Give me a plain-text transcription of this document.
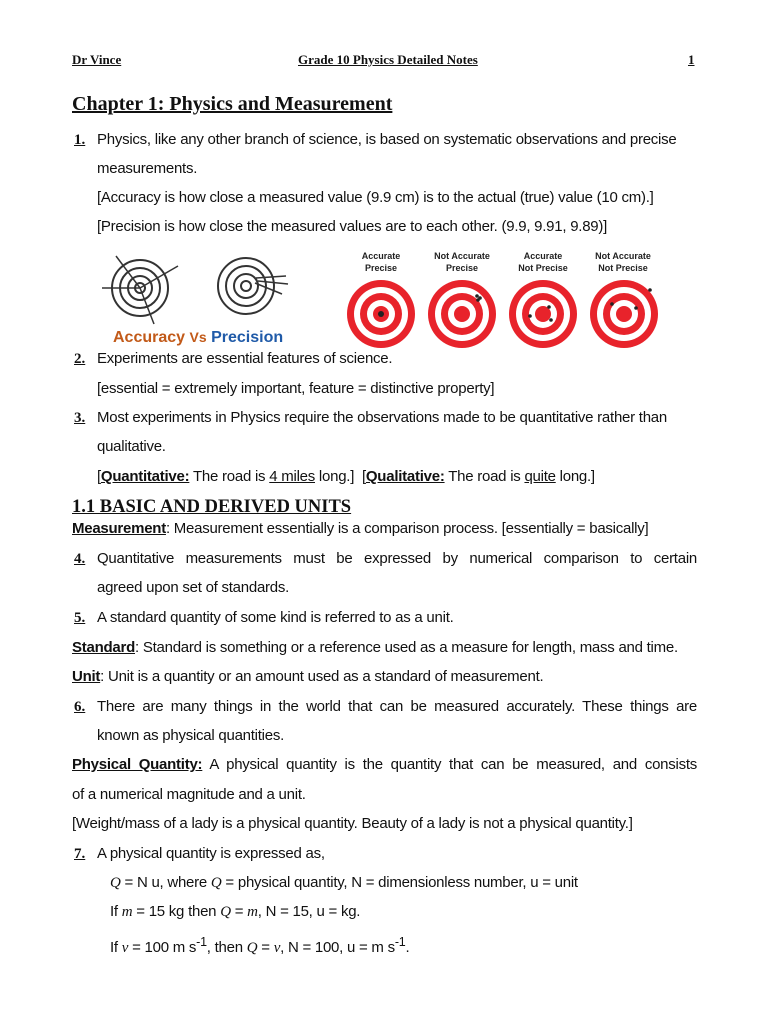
Dr Vince	Grade 10 Physics Detailed Notes	1
Chapter 1: Physics and Measurement
1. Physics, like any other branch of science, is based on systematic observations and precise
measurements.
[Accuracy is how close a measured value (9.9 cm) is to the actual (true) value (10 cm).]
[Precision is how close the measured values are to each other. (9.9, 9.91, 9.89)]
Accuracy Vs Precision
Accurate
Precise
Not Accurate
Precise
Accurate
Not Precise
Not Accurate
Not Precise
2. Experiments are essential features of science.
[essential = extremely important, feature = distinctive property]
3. Most experiments in Physics require the observations made to be quantitative rather than
qualitative.
[Quantitative: The road is 4 miles long.]  [Qualitative: The road is quite long.]
1.1 BASIC AND DERIVED UNITS
Measurement: Measurement essentially is a comparison process. [essentially = basically]
4. Quantitative measurements must be expressed by numerical comparison to certain
agreed upon set of standards.
5. A standard quantity of some kind is referred to as a unit.
Standard: Standard is something or a reference used as a measure for length, mass and time.
Unit: Unit is a quantity or an amount used as a standard of measurement.
6. There are many things in the world that can be measured accurately. These things are
known as physical quantities.
Physical Quantity: A physical quantity is the quantity that can be measured, and consists
of a numerical magnitude and a unit.
[Weight/mass of a lady is a physical quantity. Beauty of a lady is not a physical quantity.]
7. A physical quantity is expressed as,
Q = N u, where Q = physical quantity, N = dimensionless number, u = unit
If m = 15 kg then Q = m, N = 15, u = kg.
If v = 100 m $s^{-1}$, then Q = v, N = 100, u = m $s^{-1}$.
